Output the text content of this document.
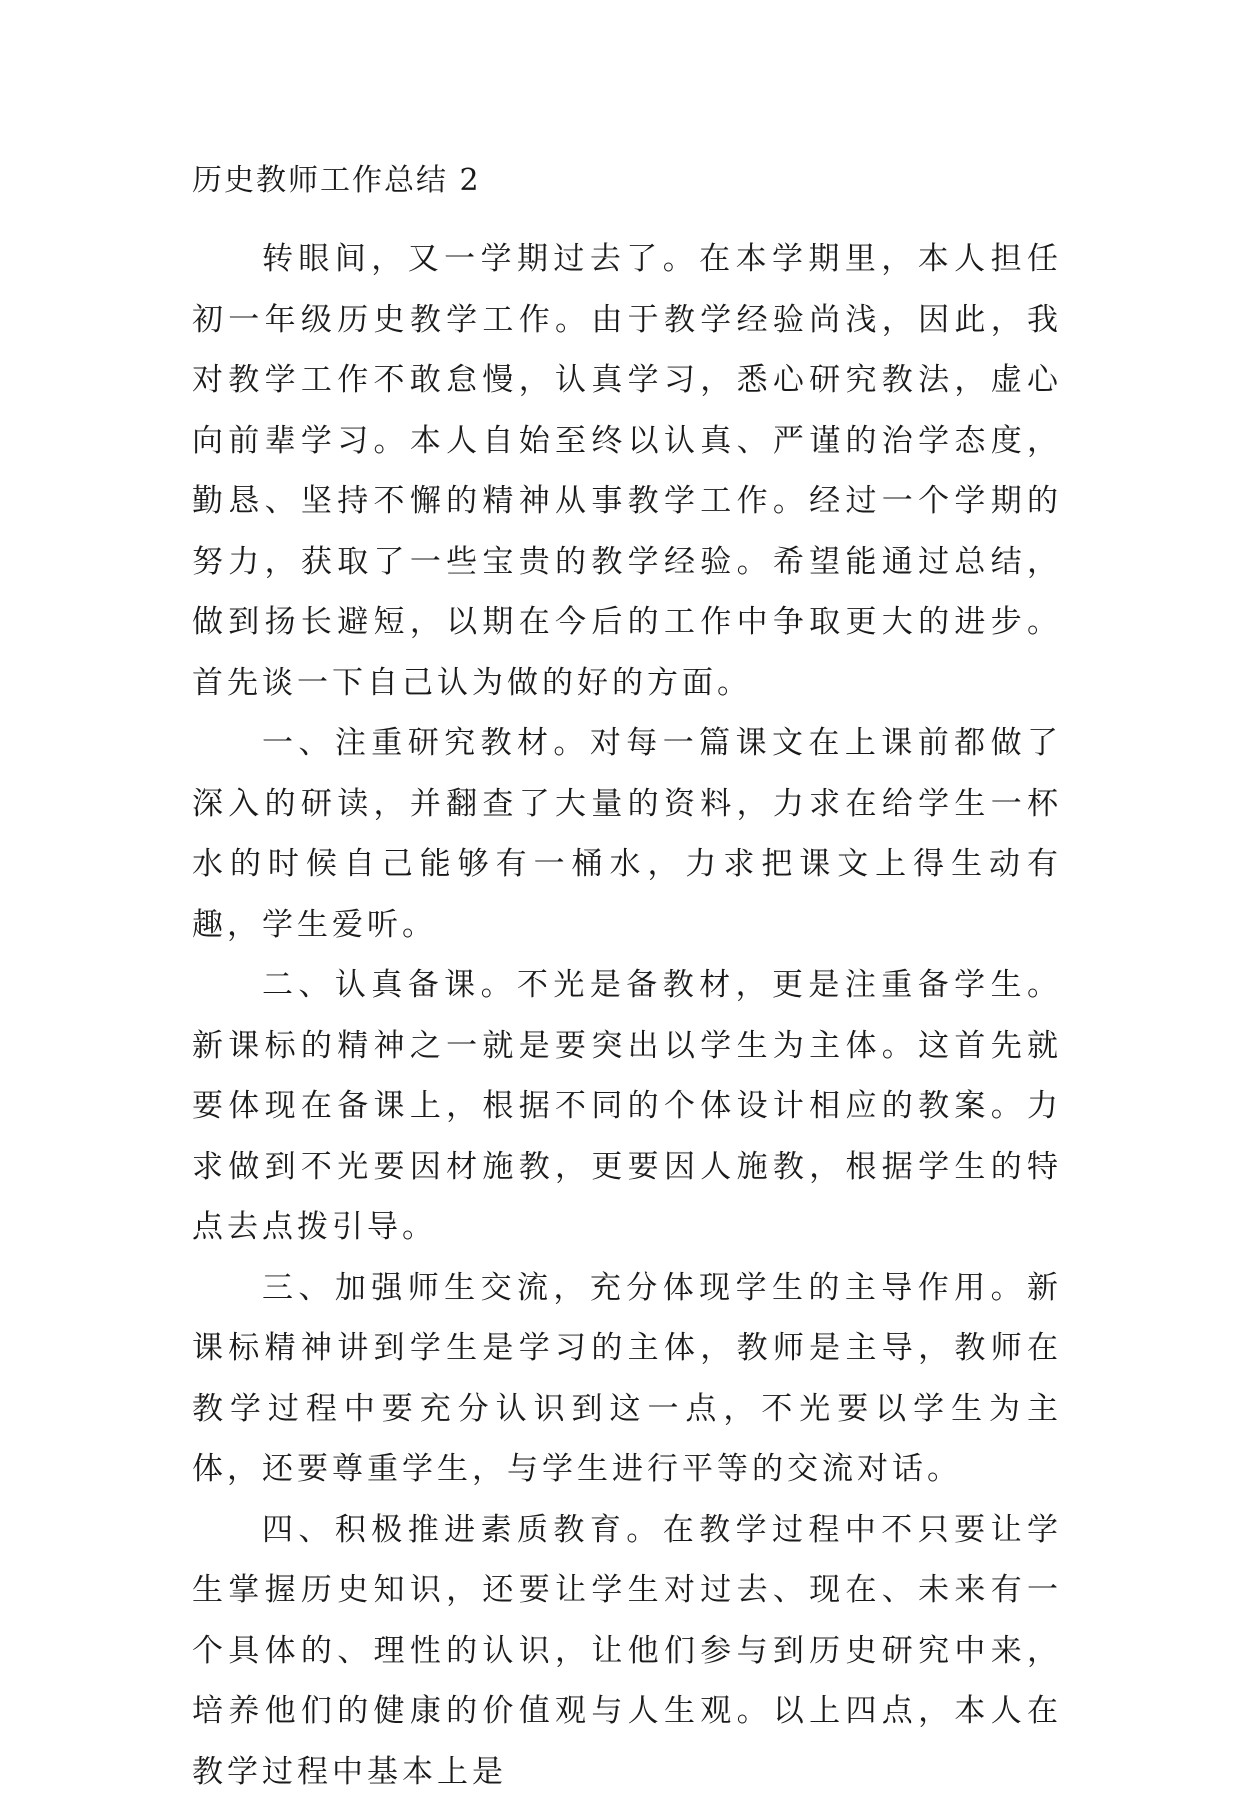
历史教师工作总结 2

转眼间，又一学期过去了。在本学期里，本人担任初一年级历史教学工作。由于教学经验尚浅，因此，我对教学工作不敢怠慢，认真学习，悉心研究教法，虚心向前辈学习。本人自始至终以认真、严谨的治学态度，勤恳、坚持不懈的精神从事教学工作。经过一个学期的努力，获取了一些宝贵的教学经验。希望能通过总结，做到扬长避短，以期在今后的工作中争取更大的进步。首先谈一下自己认为做的好的方面。

一、注重研究教材。对每一篇课文在上课前都做了深入的研读，并翻查了大量的资料，力求在给学生一杯水的时候自己能够有一桶水，力求把课文上得生动有趣，学生爱听。

二、认真备课。不光是备教材，更是注重备学生。新课标的精神之一就是要突出以学生为主体。这首先就要体现在备课上，根据不同的个体设计相应的教案。力求做到不光要因材施教，更要因人施教，根据学生的特点去点拨引导。

三、加强师生交流，充分体现学生的主导作用。新课标精神讲到学生是学习的主体，教师是主导，教师在教学过程中要充分认识到这一点，不光要以学生为主体，还要尊重学生，与学生进行平等的交流对话。

四、积极推进素质教育。在教学过程中不只要让学生掌握历史知识，还要让学生对过去、现在、未来有一个具体的、理性的认识，让他们参与到历史研究中来，培养他们的健康的价值观与人生观。以上四点，本人在教学过程中基本上是
